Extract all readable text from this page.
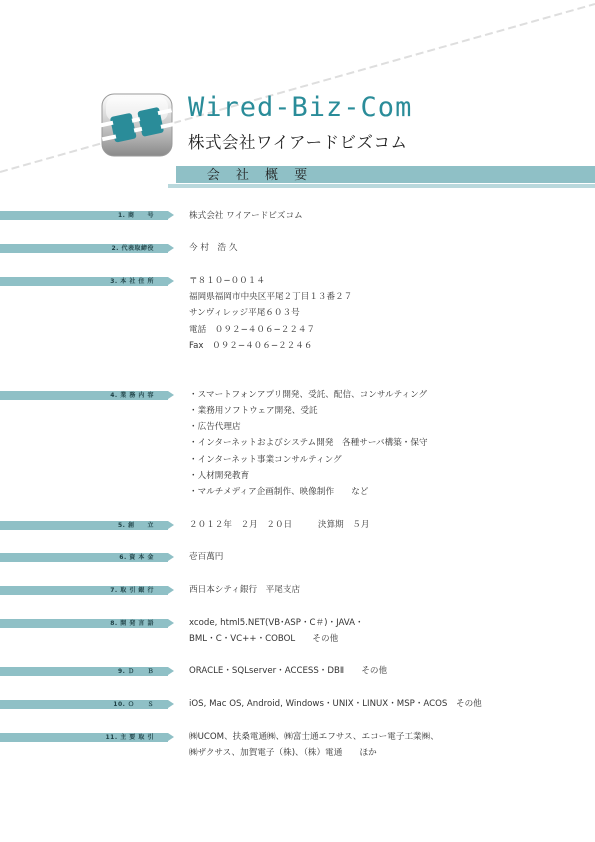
Wired-Biz-Com
株式会社ワイアードビズコム
会 社 概 要
1. 商　　号	株式会社 ワイアードビズコム
2. 代表取締役	今 村　浩 久
3. 本 社 住 所	〒８１０−００１４
福岡県福岡市中央区平尾２丁目１３番２７
サンヴィレッジ平尾６０３号
電話　０９２−４０６−２２４７
Fax　０９２−４０６−２２４６
4. 業 務 内 容	・スマートフォンアプリ開発、受託、配信、コンサルティング
・業務用ソフトウェア開発、受託
・広告代理店
・インターネットおよびシステム開発　各種サーバ構築・保守
・インターネット事業コンサルティング
・人材開発教育
・マルチメディア企画制作、映像制作　　など
5. 創　　立	２０１２年　２月　２０日　　　決算期　５月
6. 資 本 金	壱百萬円
7. 取 引 銀 行	西日本シティ銀行　平尾支店
8. 開 発 言 語	xcode, html5.NET(VB･ASP・C＃)・JAVA・
BML・C・VC++・COBOL　　その他
9. Ｄ　　Ｂ	ORACLE・SQLserver・ACCESS・DBⅡ　　その他
10. Ｏ　　Ｓ	iOS, Mac OS, Android, Windows・UNIX・LINUX・MSP・ACOS　その他
11. 主 要 取 引	㈱UCOM、扶桑電通㈱、㈱富士通エフサス、エコー電子工業㈱、
㈱ザクサス、加賀電子（株)、（株）電通　　ほか
